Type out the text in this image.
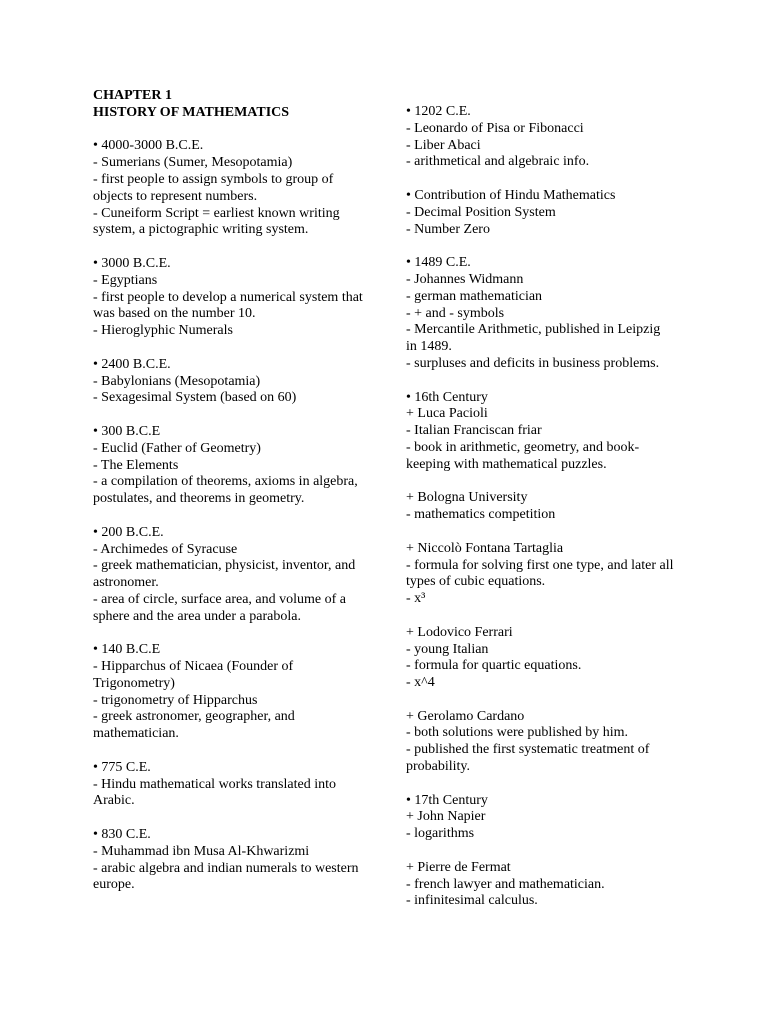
CHAPTER 1
HISTORY OF MATHEMATICS
• 4000-3000 B.C.E.
- Sumerians (Sumer, Mesopotamia)
- first people to assign symbols to group of objects to represent numbers.
- Cuneiform Script = earliest known writing system, a pictographic writing system.
• 3000 B.C.E.
- Egyptians
- first people to develop a numerical system that was based on the number 10.
- Hieroglyphic Numerals
• 2400 B.C.E.
- Babylonians (Mesopotamia)
- Sexagesimal System (based on 60)
• 300 B.C.E
- Euclid (Father of Geometry)
- The Elements
- a compilation of theorems, axioms in algebra, postulates, and theorems in geometry.
• 200 B.C.E.
- Archimedes of Syracuse
- greek mathematician, physicist, inventor, and astronomer.
- area of circle, surface area, and volume of a sphere and the area under a parabola.
• 140 B.C.E
- Hipparchus of Nicaea (Founder of Trigonometry)
- trigonometry of Hipparchus
- greek astronomer, geographer, and mathematician.
• 775 C.E.
- Hindu mathematical works translated into Arabic.
• 830 C.E.
- Muhammad ibn Musa Al-Khwarizmi
- arabic algebra and indian numerals to western europe.
• 1202 C.E.
- Leonardo of Pisa or Fibonacci
- Liber Abaci
- arithmetical and algebraic info.
• Contribution of Hindu Mathematics
- Decimal Position System
- Number Zero
• 1489 C.E.
- Johannes Widmann
- german mathematician
- + and - symbols
- Mercantile Arithmetic, published in Leipzig in 1489.
- surpluses and deficits in business problems.
• 16th Century
+ Luca Pacioli
- Italian Franciscan friar
- book in arithmetic, geometry, and book-keeping with mathematical puzzles.
+ Bologna University
- mathematics competition
+ Niccolò Fontana Tartaglia
- formula for solving first one type, and later all types of cubic equations.
- x³
+ Lodovico Ferrari
- young Italian
- formula for quartic equations.
- x^4
+ Gerolamo Cardano
- both solutions were published by him.
- published the first systematic treatment of probability.
• 17th Century
+ John Napier
- logarithms
+ Pierre de Fermat
- french lawyer and mathematician.
- infinitesimal calculus.
